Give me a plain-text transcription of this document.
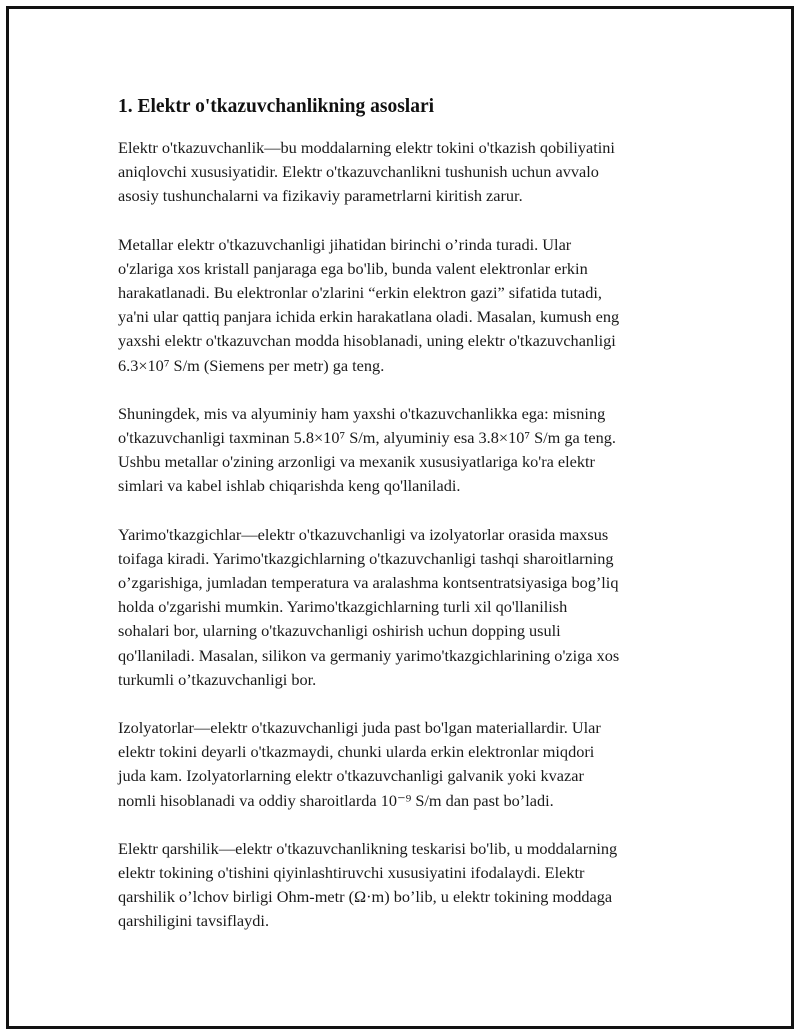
1. Elektr o'tkazuvchanlikning asoslari

Elektr o'tkazuvchanlik—bu moddalarning elektr tokini o'tkazish qobiliyatini
aniqlovchi xususiyatidir. Elektr o'tkazuvchanlikni tushunish uchun avvalo
asosiy tushunchalarni va fizikaviy parametrlarni kiritish zarur.

Metallar elektr o'tkazuvchanligi jihatidan birinchi o’rinda turadi. Ular
o'zlariga xos kristall panjaraga ega bo'lib, bunda valent elektronlar erkin
harakatlanadi. Bu elektronlar o'zlarini “erkin elektron gazi” sifatida tutadi,
ya'ni ular qattiq panjara ichida erkin harakatlana oladi. Masalan, kumush eng
yaxshi elektr o'tkazuvchan modda hisoblanadi, uning elektr o'tkazuvchanligi
6.3×10⁷ S/m (Siemens per metr) ga teng.

Shuningdek, mis va alyuminiy ham yaxshi o'tkazuvchanlikka ega: misning
o'tkazuvchanligi taxminan 5.8×10⁷ S/m, alyuminiy esa 3.8×10⁷ S/m ga teng.
Ushbu metallar o'zining arzonligi va mexanik xususiyatlariga ko'ra elektr
simlari va kabel ishlab chiqarishda keng qo'llaniladi.

Yarimo'tkazgichlar—elektr o'tkazuvchanligi va izolyatorlar orasida maxsus
toifaga kiradi. Yarimo'tkazgichlarning o'tkazuvchanligi tashqi sharoitlarning
o’zgarishiga, jumladan temperatura va aralashma kontsentratsiyasiga bog’liq
holda o'zgarishi mumkin. Yarimo'tkazgichlarning turli xil qo'llanilish
sohalari bor, ularning o'tkazuvchanligi oshirish uchun dopping usuli
qo'llaniladi. Masalan, silikon va germaniy yarimo'tkazgichlarining o'ziga xos
turkumli o’tkazuvchanligi bor.

Izolyatorlar—elektr o'tkazuvchanligi juda past bo'lgan materiallardir. Ular
elektr tokini deyarli o'tkazmaydi, chunki ularda erkin elektronlar miqdori
juda kam. Izolyatorlarning elektr o'tkazuvchanligi galvanik yoki kvazar
nomli hisoblanadi va oddiy sharoitlarda 10⁻⁹ S/m dan past bo’ladi.

Elektr qarshilik—elektr o'tkazuvchanlikning teskarisi bo'lib, u moddalarning
elektr tokining o'tishini qiyinlashtiruvchi xususiyatini ifodalaydi. Elektr
qarshilik o’lchov birligi Ohm-metr (Ω·m) bo’lib, u elektr tokining moddaga
qarshiligini tavsiflaydi.
